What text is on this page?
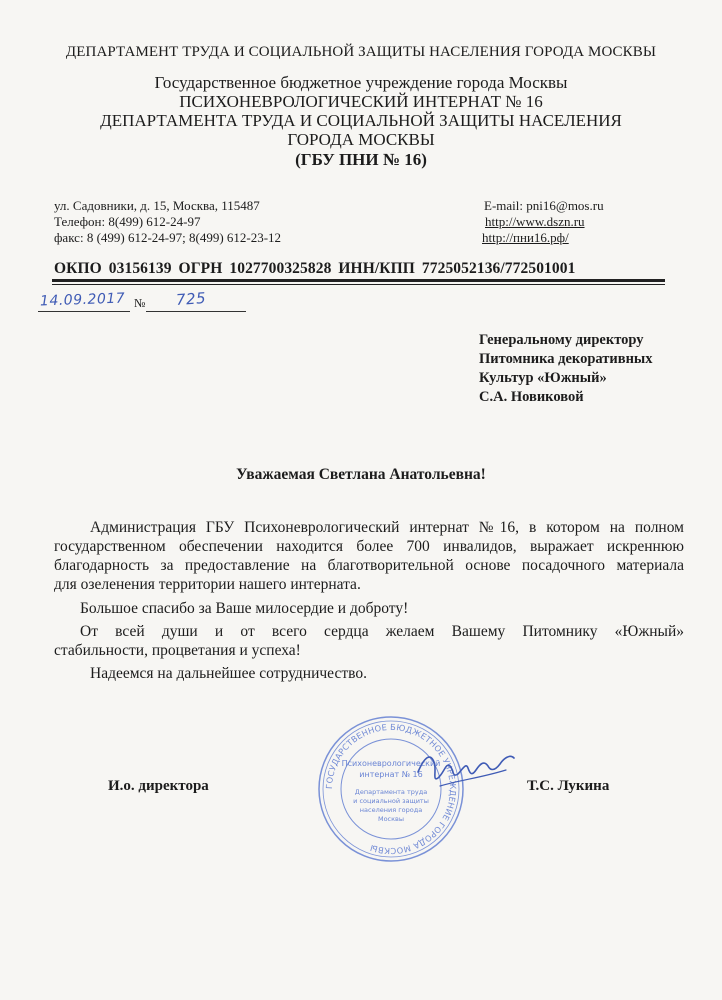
ДЕПАРТАМЕНТ ТРУДА И СОЦИАЛЬНОЙ ЗАЩИТЫ НАСЕЛЕНИЯ ГОРОДА МОСКВЫ
Государственное бюджетное учреждение города Москвы
ПСИХОНЕВРОЛОГИЧЕСКИЙ ИНТЕРНАТ № 16
ДЕПАРТАМЕНТА ТРУДА И СОЦИАЛЬНОЙ ЗАЩИТЫ НАСЕЛЕНИЯ
ГОРОДА МОСКВЫ
(ГБУ ПНИ № 16)
ул. Садовники, д. 15, Москва, 115487
Телефон: 8(499) 612-24-97
факс: 8 (499) 612-24-97; 8(499) 612-23-12
E-mail: pni16@mos.ru
http://www.dszn.ru
http://пни16.рф/
ОКПО 03156139 ОГРН 1027700325828 ИНН/КПП 7725052136/772501001
14.09.2017 № 725
Генеральному директору
Питомника декоративных
Культур «Южный»
С.А. Новиковой
Уважаемая Светлана Анатольевна!
Администрация ГБУ Психоневрологический интернат №16, в котором на полном
государственном обеспечении находится более 700 инвалидов, выражает искреннюю
благодарность за предоставление на благотворительной основе посадочного материала
для озеленения территории нашего интерната.
Большое спасибо за Ваше милосердие и доброту!
От всей души и от всего сердца желаем Вашему Питомнику «Южный»
стабильности, процветания и успеха!
Надеемся на дальнейшее сотрудничество.
ГОСУДАРСТВЕННОЕ БЮДЖЕТНОЕ УЧРЕЖДЕНИЕ ГОРОДА МОСКВЫ
Психоневрологический
интернат № 16
Департамента труда
и социальной защиты
населения города
Москвы
И.о. директора	Т.С. Лукина
